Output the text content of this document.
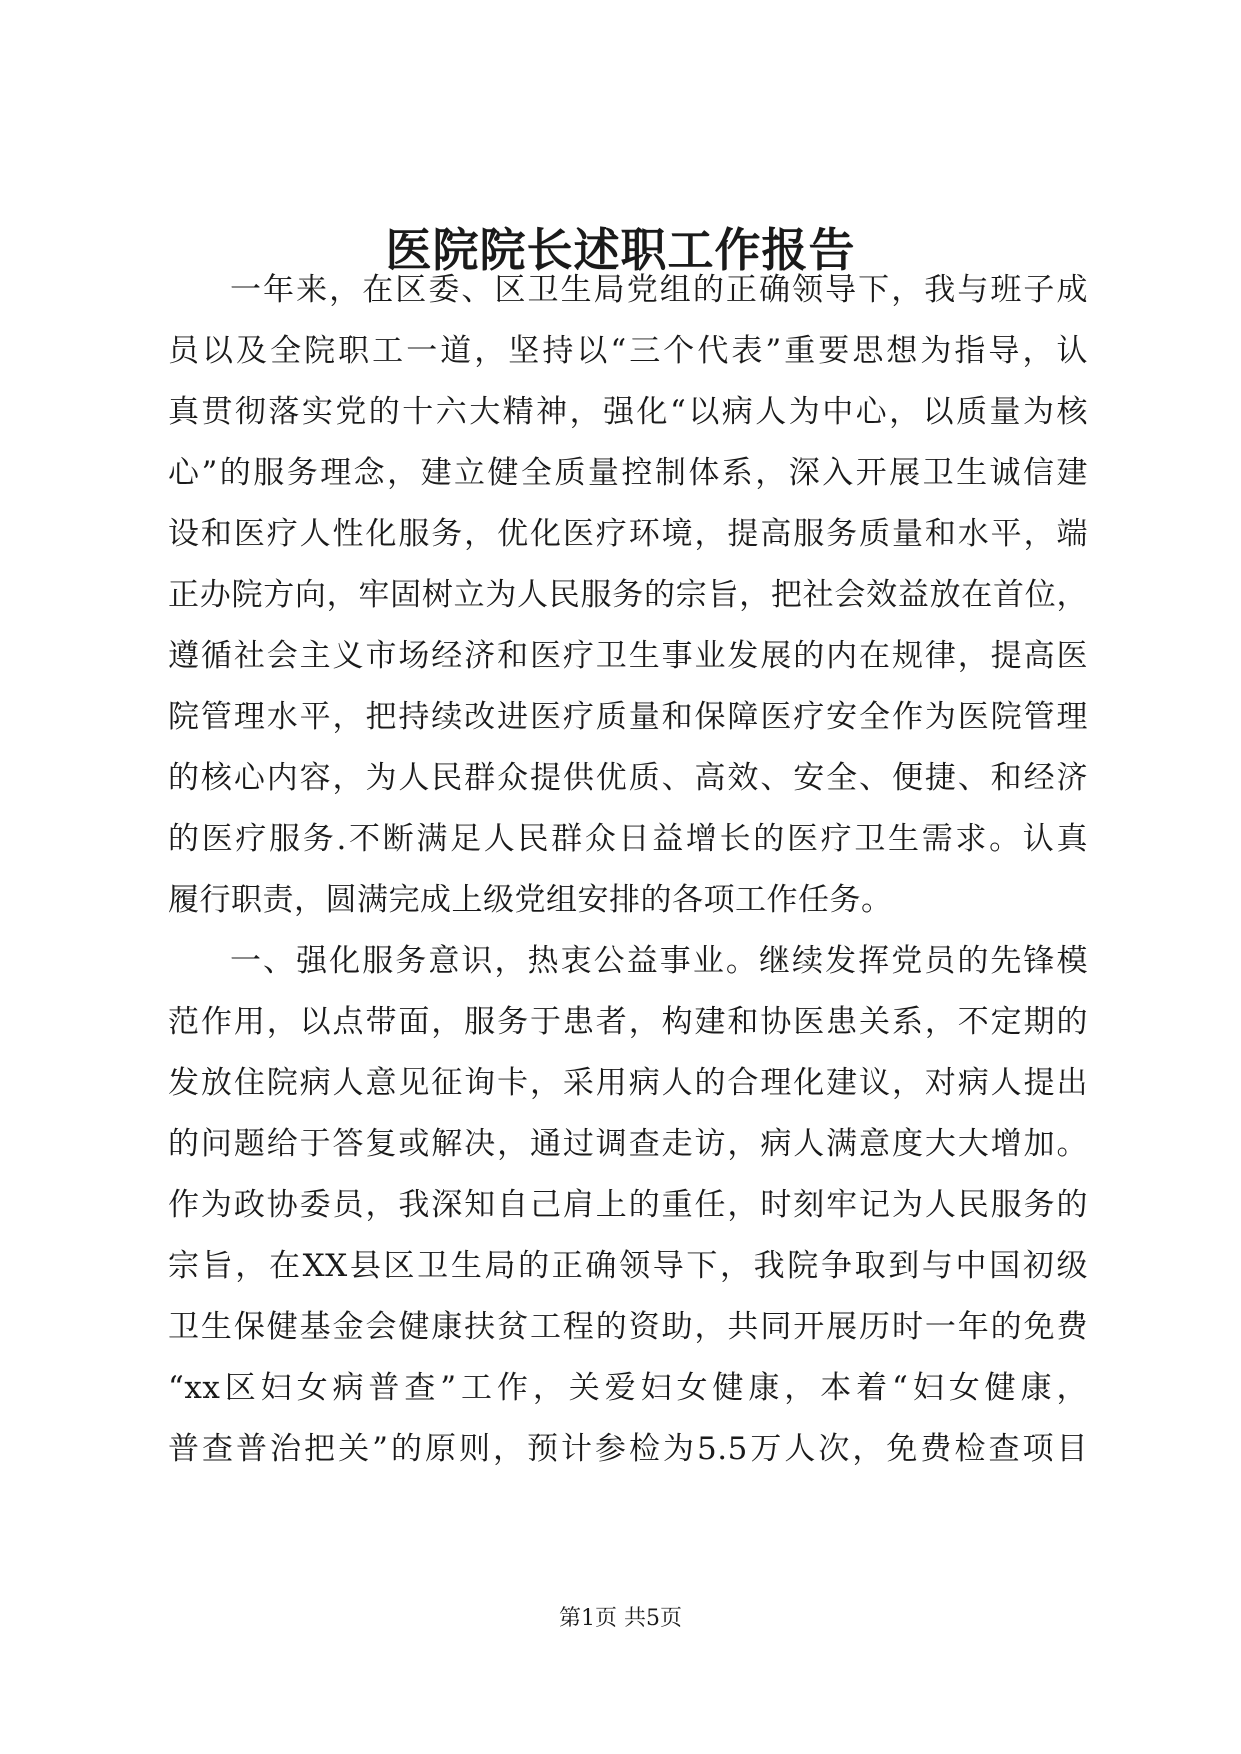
医院院长述职工作报告
一年来，在区委、区卫生局党组的正确领导下，我与班子成
员以及全院职工一道，坚持以“三个代表”重要思想为指导，认
真贯彻落实党的十六大精神，强化“以病人为中心，以质量为核
心”的服务理念，建立健全质量控制体系，深入开展卫生诚信建
设和医疗人性化服务，优化医疗环境，提高服务质量和水平，端
正办院方向，牢固树立为人民服务的宗旨，把社会效益放在首位，
遵循社会主义市场经济和医疗卫生事业发展的内在规律，提高医
院管理水平，把持续改进医疗质量和保障医疗安全作为医院管理
的核心内容，为人民群众提供优质、高效、安全、便捷、和经济
的医疗服务.不断满足人民群众日益增长的医疗卫生需求。认真
履行职责，圆满完成上级党组安排的各项工作任务。
一、强化服务意识，热衷公益事业。继续发挥党员的先锋模
范作用，以点带面，服务于患者，构建和协医患关系，不定期的
发放住院病人意见征询卡，采用病人的合理化建议，对病人提出
的问题给于答复或解决，通过调查走访，病人满意度大大增加。
作为政协委员，我深知自己肩上的重任，时刻牢记为人民服务的
宗旨，在XX县区卫生局的正确领导下，我院争取到与中国初级
卫生保健基金会健康扶贫工程的资助，共同开展历时一年的免费
“xx区妇女病普查”工作，关爱妇女健康，本着“妇女健康，
普查普治把关”的原则，预计参检为5.5万人次，免费检查项目
第1页 共5页
